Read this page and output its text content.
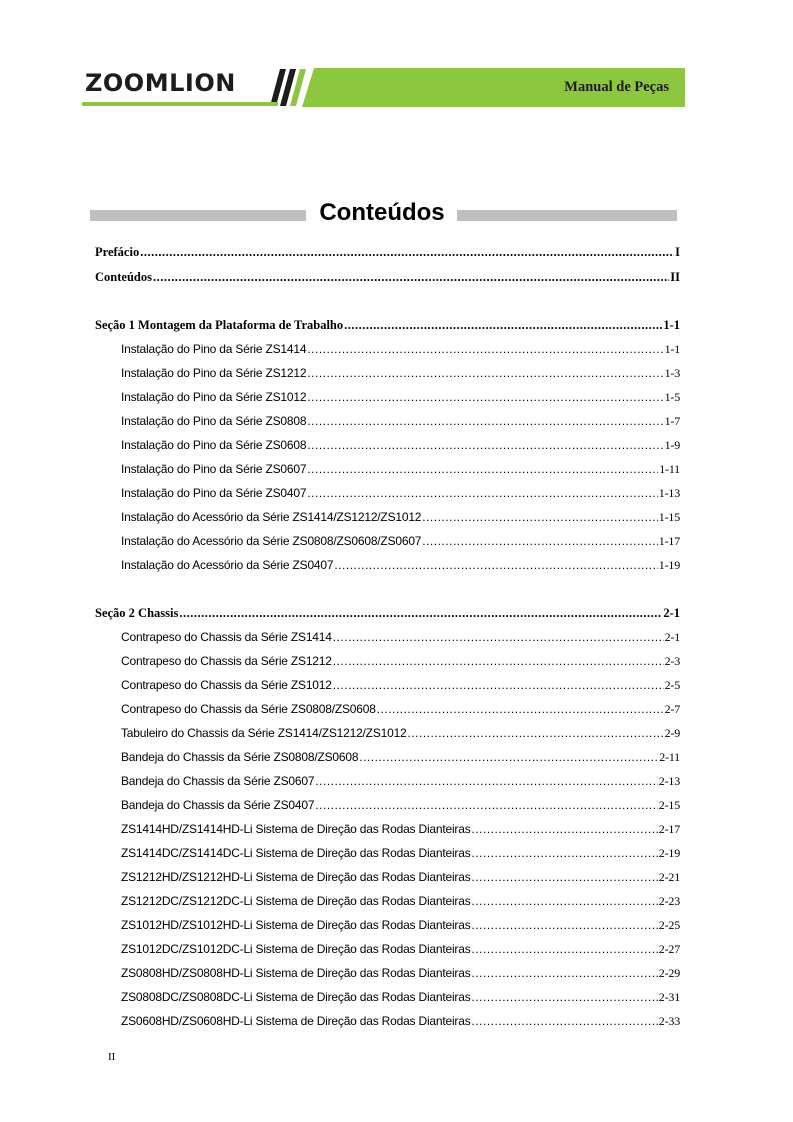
ZOOMLION	Manual de Peças
Conteúdos
Prefácio .....	I
Conteúdos .....	II
Seção 1 Montagem da Plataforma de Trabalho .....	1-1
Instalação do Pino da Série ZS1414 .....	1-1
Instalação do Pino da Série ZS1212 .....	1-3
Instalação do Pino da Série ZS1012 .....	1-5
Instalação do Pino da Série ZS0808 .....	1-7
Instalação do Pino da Série ZS0608 .....	1-9
Instalação do Pino da Série ZS0607 .....	1-11
Instalação do Pino da Série ZS0407 .....	1-13
Instalação do Acessório da Série ZS1414/ZS1212/ZS1012 .....	1-15
Instalação do Acessório da Série ZS0808/ZS0608/ZS0607 .....	1-17
Instalação do Acessório da Série ZS0407 .....	1-19
Seção 2 Chassis .....	2-1
Contrapeso do Chassis da Série ZS1414 .....	2-1
Contrapeso do Chassis da Série ZS1212 .....	2-3
Contrapeso do Chassis da Série ZS1012 .....	2-5
Contrapeso do Chassis da Série ZS0808/ZS0608 .....	2-7
Tabuleiro do Chassis da Série ZS1414/ZS1212/ZS1012 .....	2-9
Bandeja do Chassis da Série ZS0808/ZS0608 .....	2-11
Bandeja do Chassis da Série ZS0607 .....	2-13
Bandeja do Chassis da Série ZS0407 .....	2-15
ZS1414HD/ZS1414HD-Li Sistema de Direção das Rodas Dianteiras .....	2-17
ZS1414DC/ZS1414DC-Li Sistema de Direção das Rodas Dianteiras .....	2-19
ZS1212HD/ZS1212HD-Li Sistema de Direção das Rodas Dianteiras .....	2-21
ZS1212DC/ZS1212DC-Li Sistema de Direção das Rodas Dianteiras .....	2-23
ZS1012HD/ZS1012HD-Li Sistema de Direção das Rodas Dianteiras .....	2-25
ZS1012DC/ZS1012DC-Li Sistema de Direção das Rodas Dianteiras .....	2-27
ZS0808HD/ZS0808HD-Li Sistema de Direção das Rodas Dianteiras .....	2-29
ZS0808DC/ZS0808DC-Li Sistema de Direção das Rodas Dianteiras .....	2-31
ZS0608HD/ZS0608HD-Li Sistema de Direção das Rodas Dianteiras .....	2-33
II
